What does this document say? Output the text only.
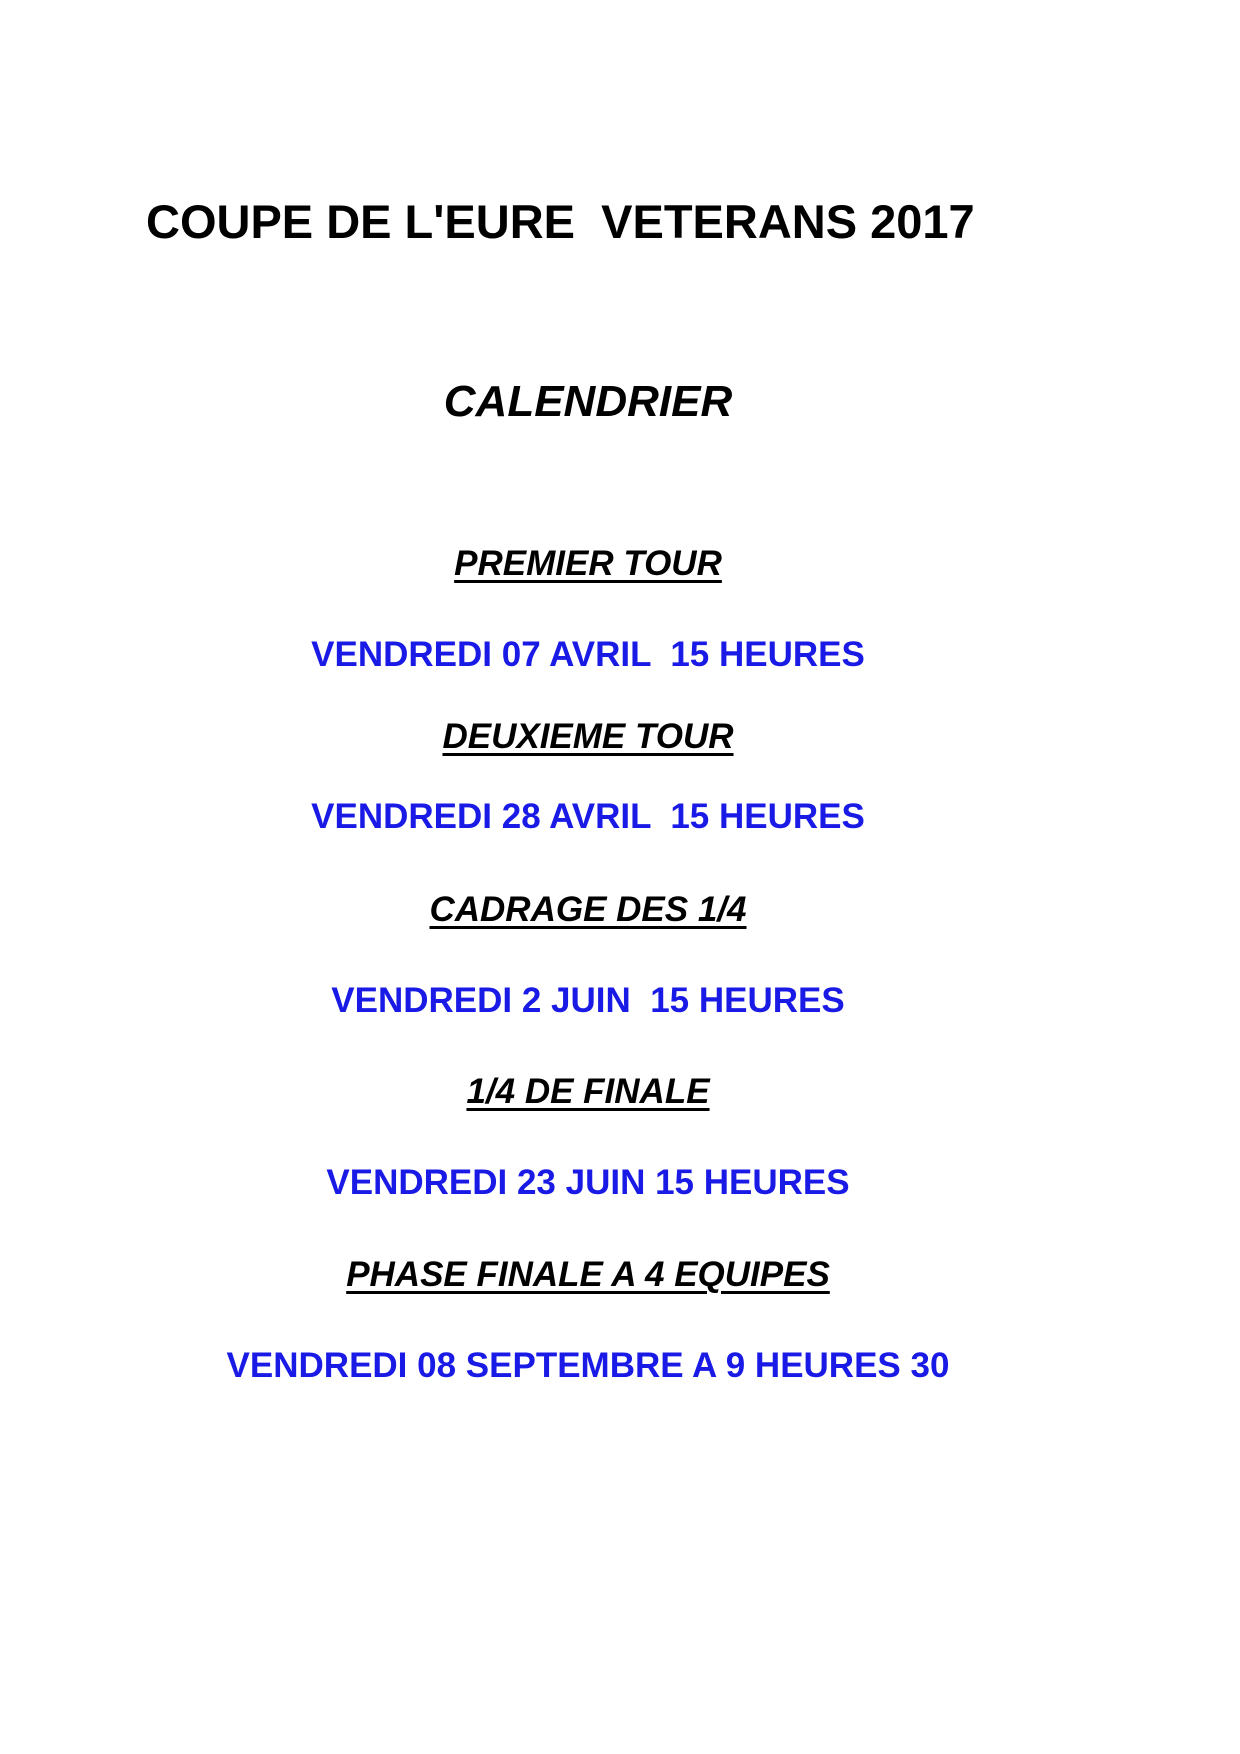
COUPE DE L'EURE  VETERANS 2017
CALENDRIER
PREMIER TOUR
VENDREDI 07 AVRIL  15 HEURES
DEUXIEME TOUR
VENDREDI 28 AVRIL  15 HEURES
CADRAGE DES 1/4
VENDREDI 2 JUIN  15 HEURES
1/4 DE FINALE
VENDREDI 23 JUIN 15 HEURES
PHASE FINALE A 4 EQUIPES
VENDREDI 08 SEPTEMBRE A 9 HEURES 30
